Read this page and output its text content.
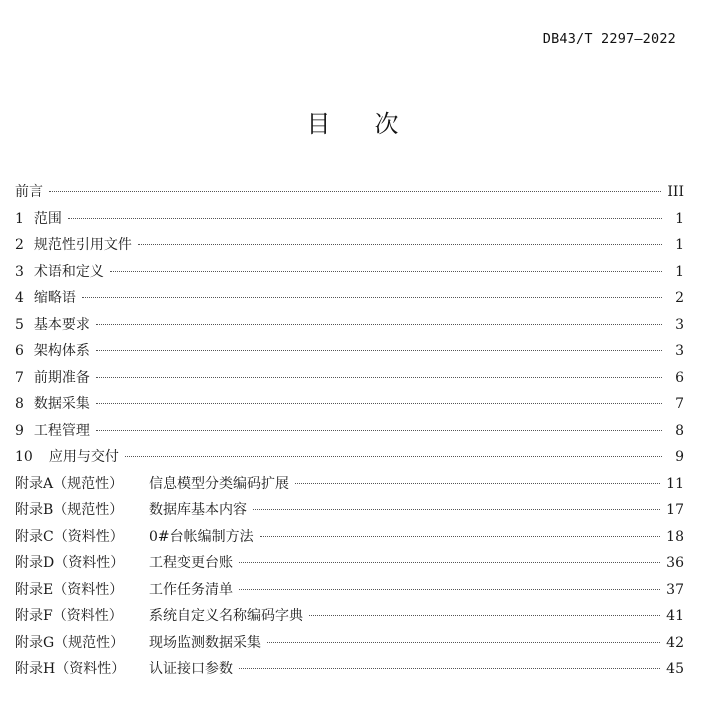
DB43/T 2297—2022
目 次
前言	III
1 范围	1
2 规范性引用文件	1
3 术语和定义	1
4 缩略语	2
5 基本要求	3
6 架构体系	3
7 前期准备	6
8 数据采集	7
9 工程管理	8
10	应用与交付	9
附录A（规范性）	信息模型分类编码扩展	11
附录B（规范性）	数据库基本内容	17
附录C（资料性）	0#台帐编制方法	18
附录D（资料性）	工程变更台账	36
附录E（资料性）	工作任务清单	37
附录F（资料性）	系统自定义名称编码字典	41
附录G（规范性）	现场监测数据采集	42
附录H（资料性）	认证接口参数	45
